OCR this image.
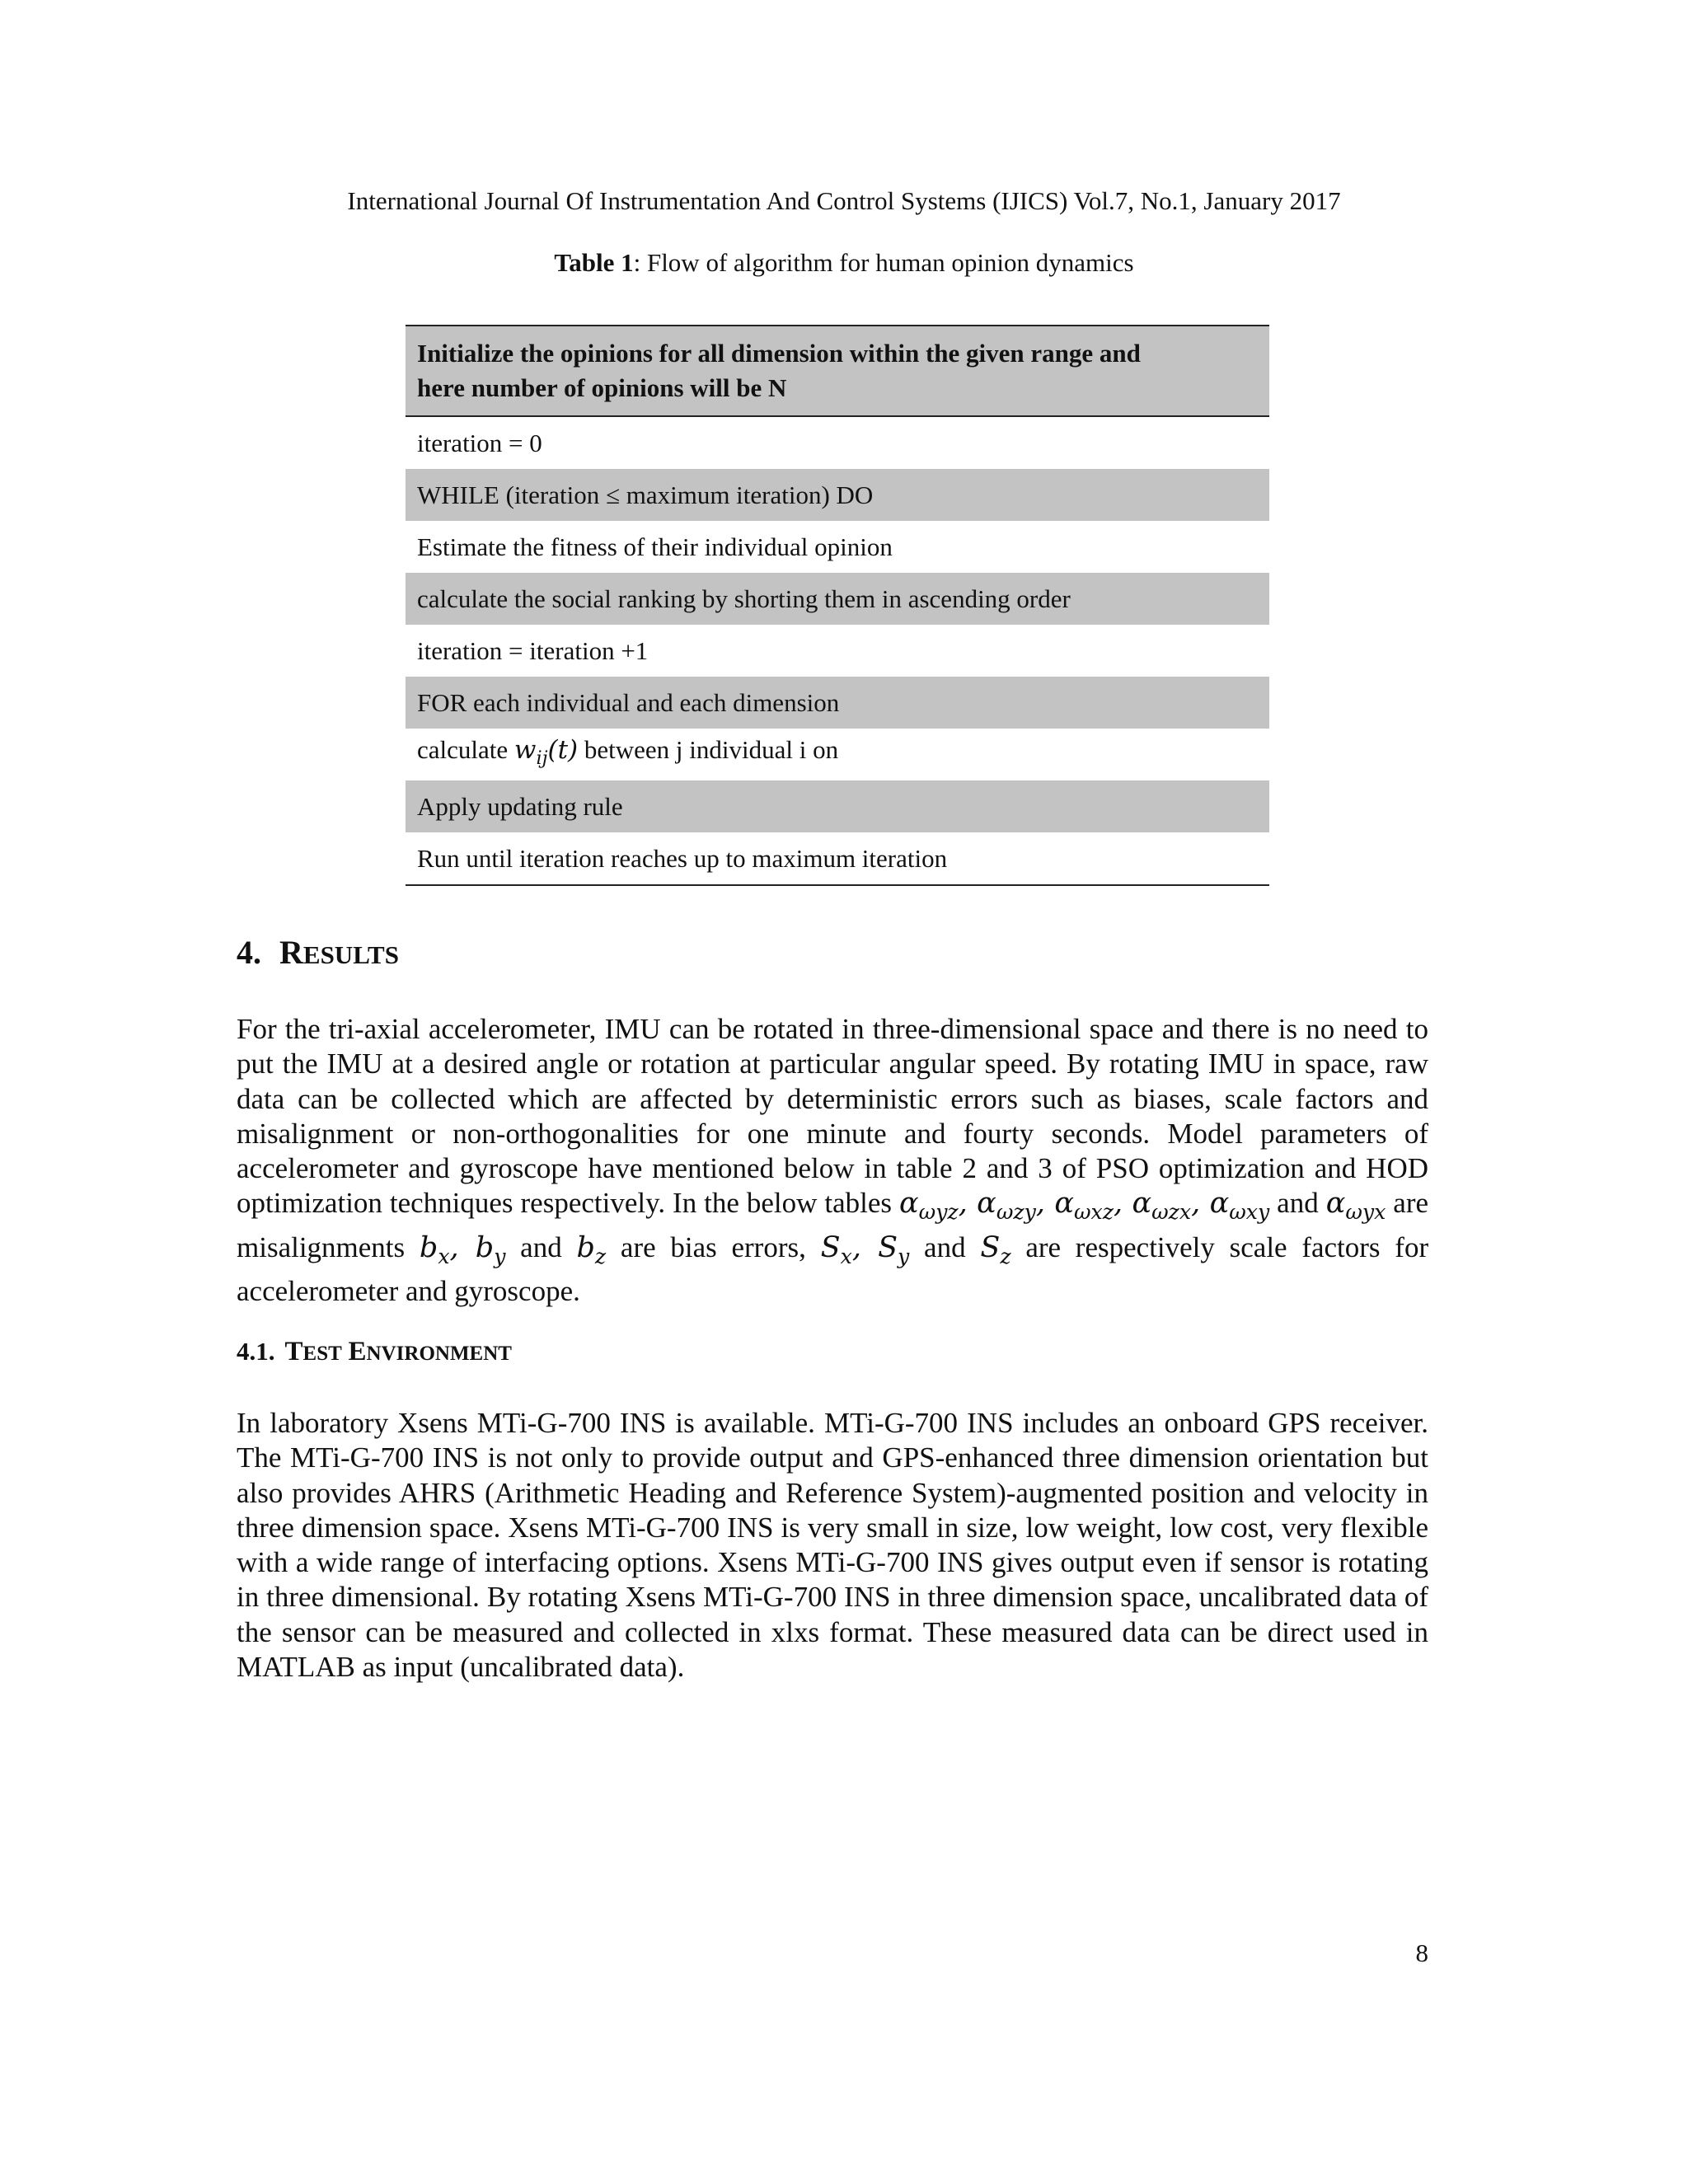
International Journal Of Instrumentation And Control Systems (IJICS) Vol.7, No.1, January 2017
Table 1: Flow of algorithm for human opinion dynamics
Initialize the opinions for all dimension within the given range and
here number of opinions will be N
iteration = 0
WHILE (iteration ≤ maximum iteration) DO
Estimate the fitness of their individual opinion
calculate the social ranking by shorting them in ascending order
iteration = iteration +1
FOR each individual and each dimension
calculate $w_{ij}(t)$ between j individual i on
Apply updating rule
Run until iteration reaches up to maximum iteration
4. RESULTS

For the tri-axial accelerometer, IMU can be rotated in three-dimensional space and there is no need to put the IMU at a desired angle or rotation at particular angular speed. By rotating IMU in space, raw data can be collected which are affected by deterministic errors such as biases, scale factors and misalignment or non-orthogonalities for one minute and fourty seconds. Model parameters of accelerometer and gyroscope have mentioned below in table 2 and 3 of PSO optimization and HOD optimization techniques respectively. In the below tables $\alpha_{\omega yz}$, $\alpha_{\omega zy}$, $\alpha_{\omega xz}$, $\alpha_{\omega zx}$, $\alpha_{\omega xy}$ and $\alpha_{\omega yx}$ are misalignments $b_x$, $b_y$ and $b_z$ are bias errors, $S_x$, $S_y$ and $S_z$ are respectively scale factors for accelerometer and gyroscope.

4.1. TEST ENVIRONMENT

In laboratory Xsens MTi-G-700 INS is available. MTi-G-700 INS includes an onboard GPS receiver. The MTi-G-700 INS is not only to provide output and GPS-enhanced three dimension orientation but also provides AHRS (Arithmetic Heading and Reference System)-augmented position and velocity in three dimension space. Xsens MTi-G-700 INS is very small in size, low weight, low cost, very flexible with a wide range of interfacing options. Xsens MTi-G-700 INS gives output even if sensor is rotating in three dimensional. By rotating Xsens MTi-G-700 INS in three dimension space, uncalibrated data of the sensor can be measured and collected in xlxs format. These measured data can be direct used in MATLAB as input (uncalibrated data).

8
